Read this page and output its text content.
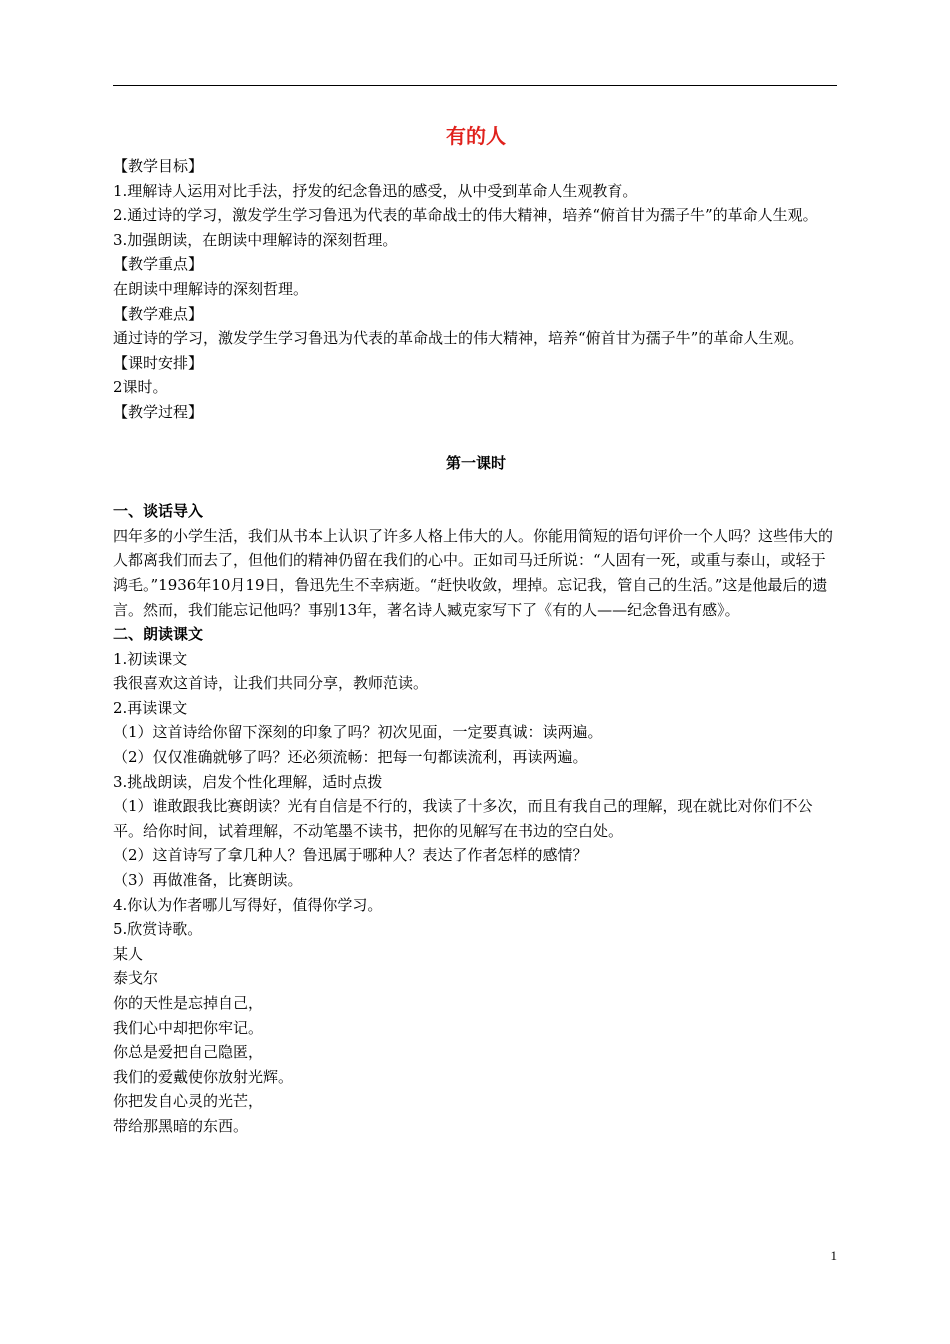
有的人

【教学目标】

1.理解诗人运用对比手法，抒发的纪念鲁迅的感受，从中受到革命人生观教育。

2.通过诗的学习，激发学生学习鲁迅为代表的革命战士的伟大精神，培养“俯首甘为孺子牛”的革命人生观。

3.加强朗读，在朗读中理解诗的深刻哲理。

【教学重点】

在朗读中理解诗的深刻哲理。

【教学难点】

通过诗的学习，激发学生学习鲁迅为代表的革命战士的伟大精神，培养“俯首甘为孺子牛”的革命人生观。

【课时安排】

2课时。

【教学过程】

第一课时

一、谈话导入

四年多的小学生活，我们从书本上认识了许多人格上伟大的人。你能用简短的语句评价一个人吗？这些伟大的人都离我们而去了，但他们的精神仍留在我们的心中。正如司马迁所说：“人固有一死，或重与泰山，或轻于鸿毛。”1936年10月19日，鲁迅先生不幸病逝。“赶快收敛，埋掉。忘记我，管自己的生活。”这是他最后的遗言。然而，我们能忘记他吗？事别13年，著名诗人臧克家写下了《有的人——纪念鲁迅有感》。

二、朗读课文

1.初读课文

我很喜欢这首诗，让我们共同分享，教师范读。

2.再读课文

（1）这首诗给你留下深刻的印象了吗？初次见面，一定要真诚：读两遍。

（2）仅仅准确就够了吗？还必须流畅：把每一句都读流利，再读两遍。

3.挑战朗读，启发个性化理解，适时点拨

（1）谁敢跟我比赛朗读？光有自信是不行的，我读了十多次，而且有我自己的理解，现在就比对你们不公平。给你时间，试着理解，不动笔墨不读书，把你的见解写在书边的空白处。

（2）这首诗写了拿几种人？鲁迅属于哪种人？表达了作者怎样的感情？

（3）再做准备，比赛朗读。

4.你认为作者哪儿写得好，值得你学习。

5.欣赏诗歌。

某人

泰戈尔

你的天性是忘掉自己，

我们心中却把你牢记。

你总是爱把自己隐匿，

我们的爱戴使你放射光辉。

你把发自心灵的光芒，

带给那黑暗的东西。

1
